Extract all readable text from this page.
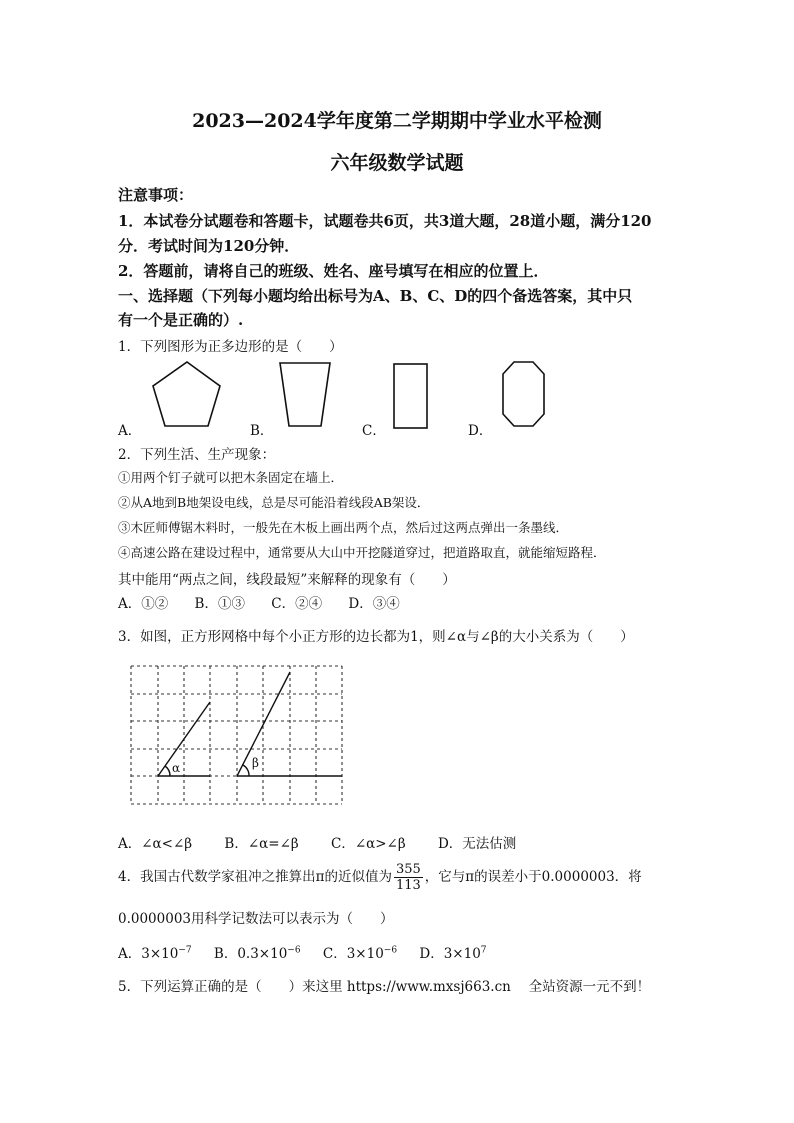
2023—2024学年度第二学期期中学业水平检测
六年级数学试题
注意事项：
1．本试卷分试题卷和答题卡，试题卷共6页，共3道大题，28道小题，满分120
分．考试时间为120分钟．
2．答题前，请将自己的班级、姓名、座号填写在相应的位置上．
一、选择题（下列每小题均给出标号为A、B、C、D的四个备选答案，其中只
有一个是正确的）.
1．下列图形为正多边形的是（　　）
A．	B．	C．	D．
2．下列生活、生产现象：
①用两个钉子就可以把木条固定在墙上．
②从A地到B地架设电线，总是尽可能沿着线段AB架设．
③木匠师傅锯木料时，一般先在木板上画出两个点，然后过这两点弹出一条墨线．
④高速公路在建设过程中，通常要从大山中开挖隧道穿过，把道路取直，就能缩短路程．
其中能用“两点之间，线段最短”来解释的现象有（　　）
A．①② B．①③ C．②④ D．③④
3．如图，正方形网格中每个小正方形的边长都为1，则∠α与∠β的大小关系为（　　）
α	β
A．∠α<∠β B．∠α=∠β C．∠α>∠β D．无法估测
4．我国古代数学家祖冲之推算出π的近似值为 $\frac{355}{113}$ ，它与π的误差小于0.0000003．将
0.0000003用科学记数法可以表示为（　　）
A．$3\times 10^{-7}$ B．$0.3\times 10^{-6}$ C．$3\times 10^{-6}$ D．$3\times 10^7$
5．下列运算正确的是（　　）来这里 https://www.mxsj663.cn　 全站资源一元不到！
